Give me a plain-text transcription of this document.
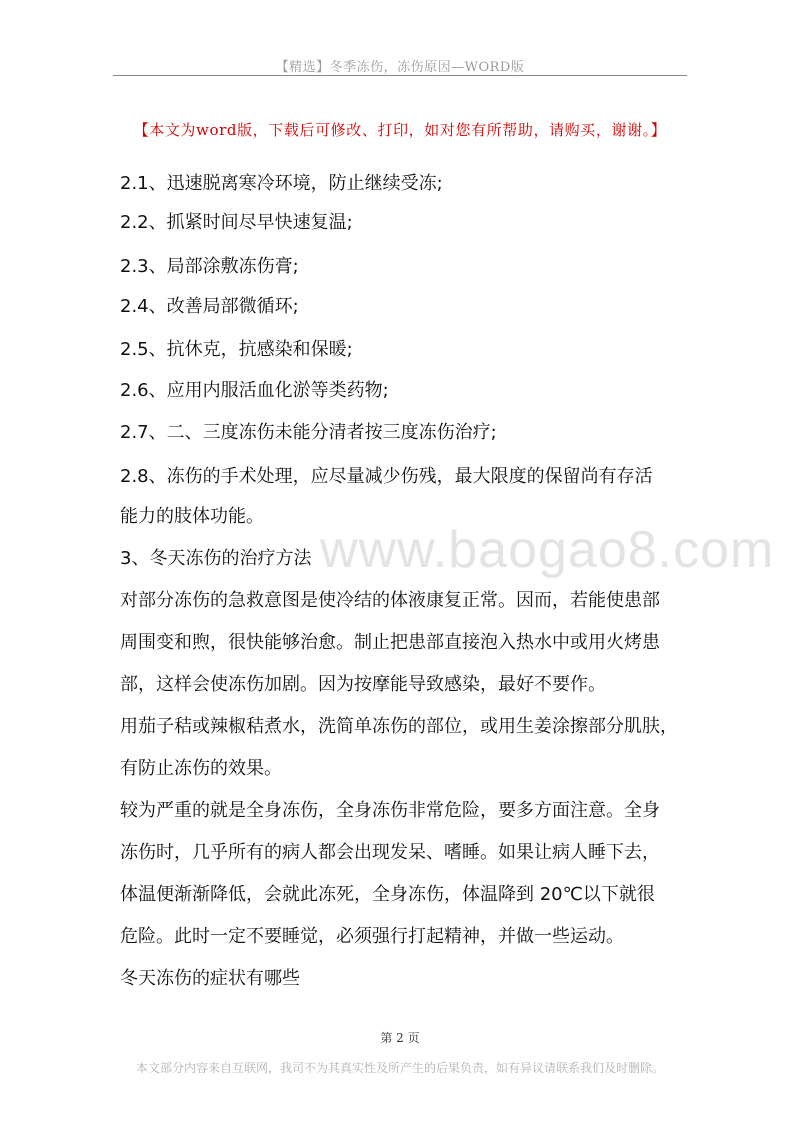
【精选】冬季冻伤，冻伤原因—WORD版
【本文为word版，下载后可修改、打印，如对您有所帮助，请购买，谢谢。】
2.1、迅速脱离寒冷环境，防止继续受冻;
2.2、抓紧时间尽早快速复温;
2.3、局部涂敷冻伤膏;
2.4、改善局部微循环;
2.5、抗休克，抗感染和保暖;
2.6、应用内服活血化淤等类药物;
2.7、二、三度冻伤未能分清者按三度冻伤治疗;
2.8、冻伤的手术处理，应尽量减少伤残，最大限度的保留尚有存活
能力的肢体功能。
3、冬天冻伤的治疗方法
对部分冻伤的急救意图是使冷结的体液康复正常。因而，若能使患部
周围变和煦，很快能够治愈。制止把患部直接泡入热水中或用火烤患
部，这样会使冻伤加剧。因为按摩能导致感染，最好不要作。
用茄子秸或辣椒秸煮水，洗简单冻伤的部位，或用生姜涂擦部分肌肤，
有防止冻伤的效果。
较为严重的就是全身冻伤，全身冻伤非常危险，要多方面注意。全身
冻伤时，几乎所有的病人都会出现发呆、嗜睡。如果让病人睡下去，
体温便渐渐降低，会就此冻死，全身冻伤，体温降到 20℃以下就很
危险。此时一定不要睡觉，必须强行打起精神，并做一些运动。
冬天冻伤的症状有哪些
www.baogao8.com
第 2 页
本文部分内容来自互联网，我司不为其真实性及所产生的后果负责，如有异议请联系我们及时删除。
